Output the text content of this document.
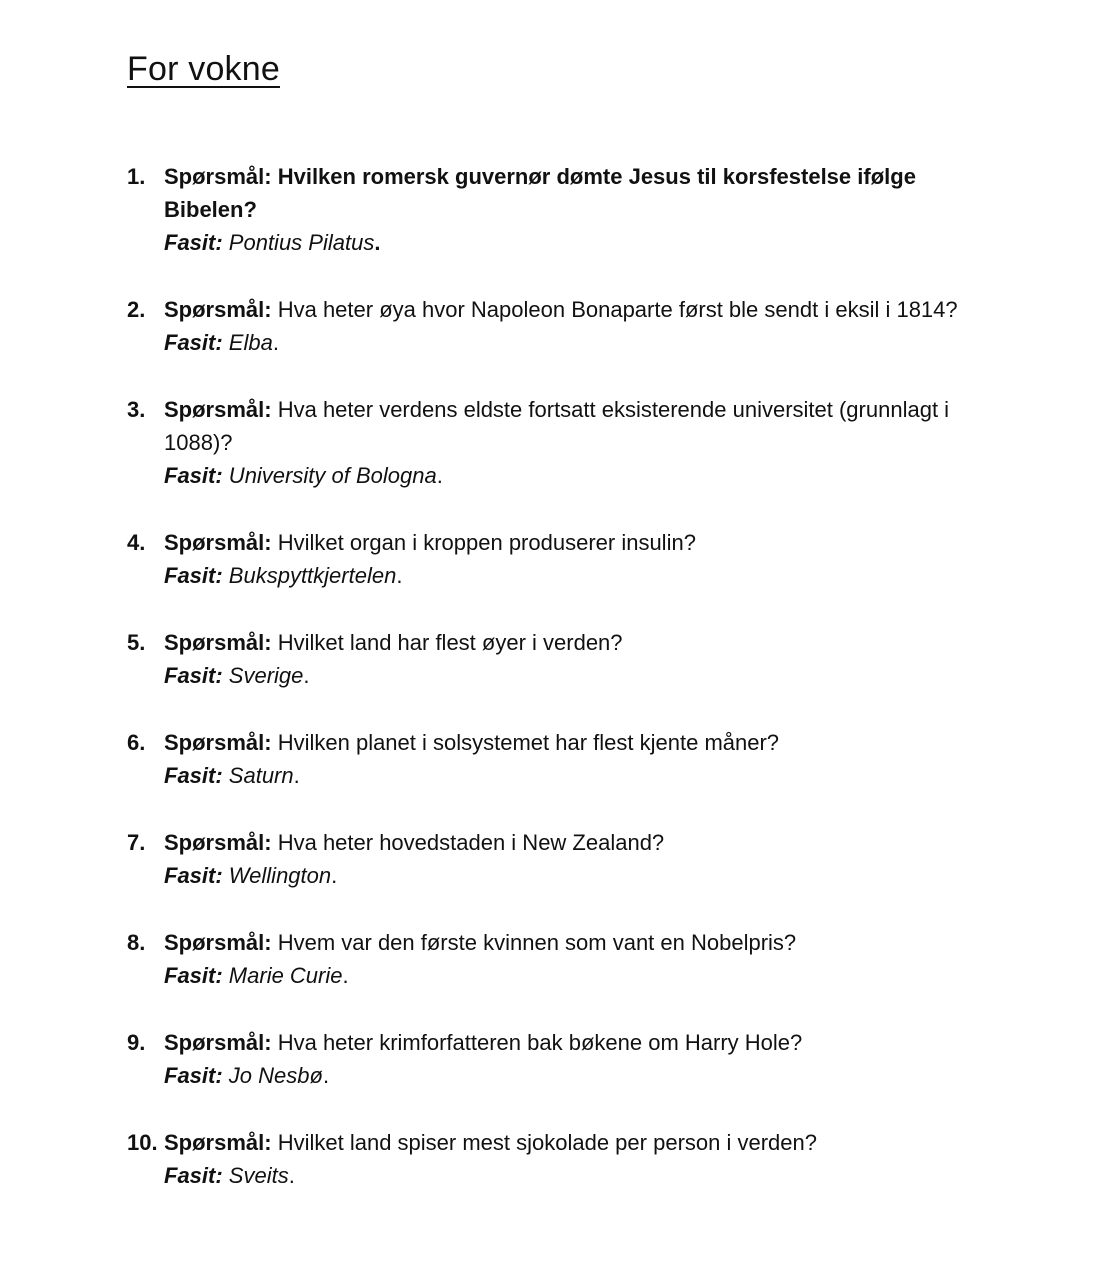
For vokne
1. Spørsmål: Hvilken romersk guvernør dømte Jesus til korsfestelse ifølge Bibelen?

Fasit: Pontius Pilatus.

2. Spørsmål: Hva heter øya hvor Napoleon Bonaparte først ble sendt i eksil i 1814?

Fasit: Elba.

3. Spørsmål: Hva heter verdens eldste fortsatt eksisterende universitet (grunnlagt i 1088)?

Fasit: University of Bologna.

4. Spørsmål: Hvilket organ i kroppen produserer insulin?

Fasit: Bukspyttkjertelen.

5. Spørsmål: Hvilket land har flest øyer i verden?

Fasit: Sverige.

6. Spørsmål: Hvilken planet i solsystemet har flest kjente måner?

Fasit: Saturn.

7. Spørsmål: Hva heter hovedstaden i New Zealand?

Fasit: Wellington.

8. Spørsmål: Hvem var den første kvinnen som vant en Nobelpris?

Fasit: Marie Curie.

9. Spørsmål: Hva heter krimforfatteren bak bøkene om Harry Hole?

Fasit: Jo Nesbø.

10. Spørsmål: Hvilket land spiser mest sjokolade per person i verden?

Fasit: Sveits.
